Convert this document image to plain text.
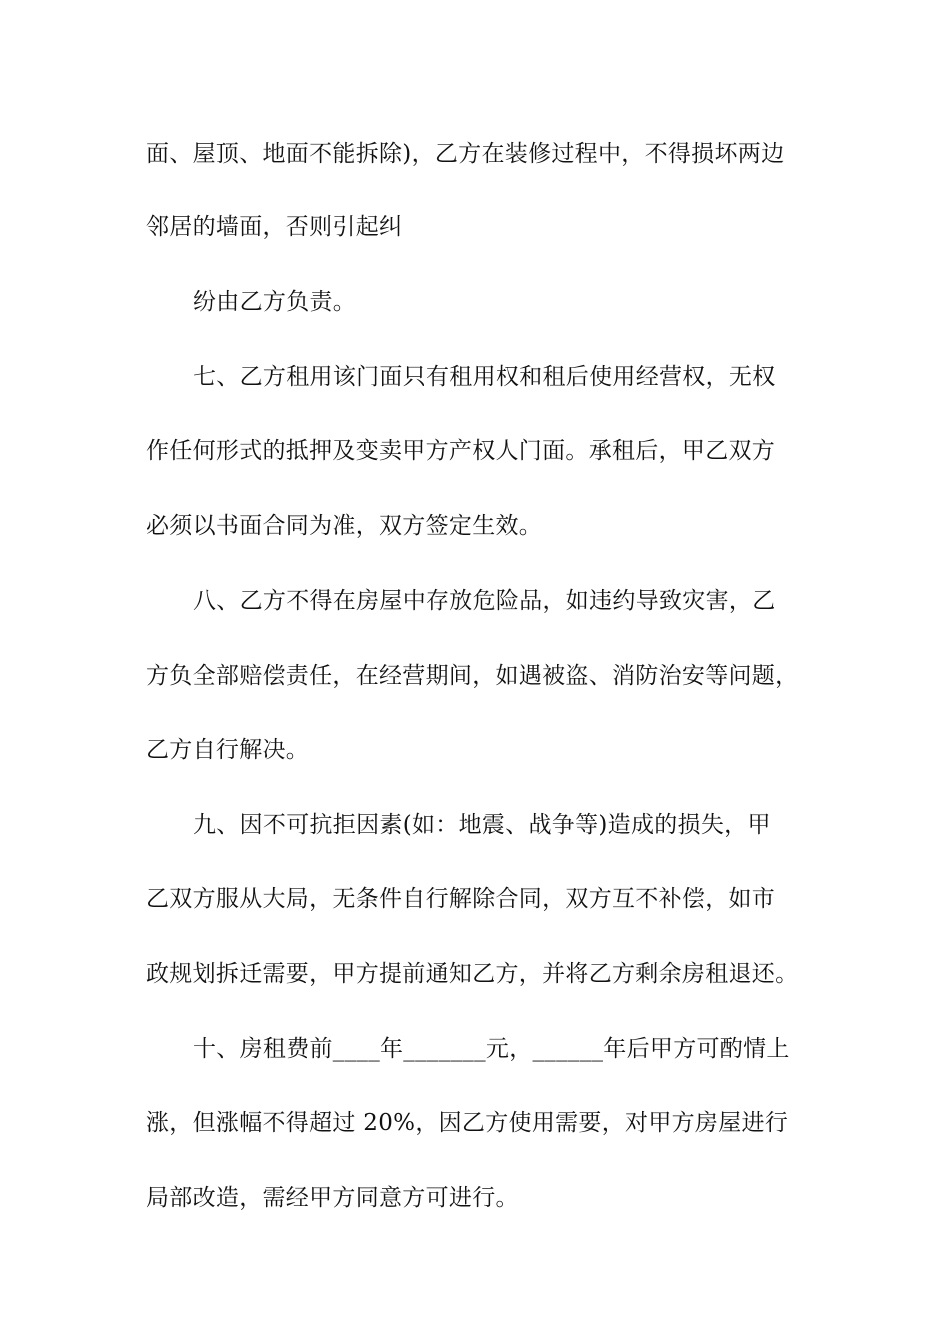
面、屋顶、地面不能拆除)，乙方在装修过程中，不得损坏两边
邻居的墙面，否则引起纠
纷由乙方负责。
七、乙方租用该门面只有租用权和租后使用经营权，无权
作任何形式的抵押及变卖甲方产权人门面。承租后，甲乙双方
必须以书面合同为准，双方签定生效。
八、乙方不得在房屋中存放危险品，如违约导致灾害，乙
方负全部赔偿责任，在经营期间，如遇被盗、消防治安等问题，
乙方自行解决。
九、因不可抗拒因素(如：地震、战争等)造成的损失，甲
乙双方服从大局，无条件自行解除合同，双方互不补偿，如市
政规划拆迁需要，甲方提前通知乙方，并将乙方剩余房租退还。
十、房租费前____年_______元，______年后甲方可酌情上
涨，但涨幅不得超过 20%，因乙方使用需要，对甲方房屋进行
局部改造，需经甲方同意方可进行。
